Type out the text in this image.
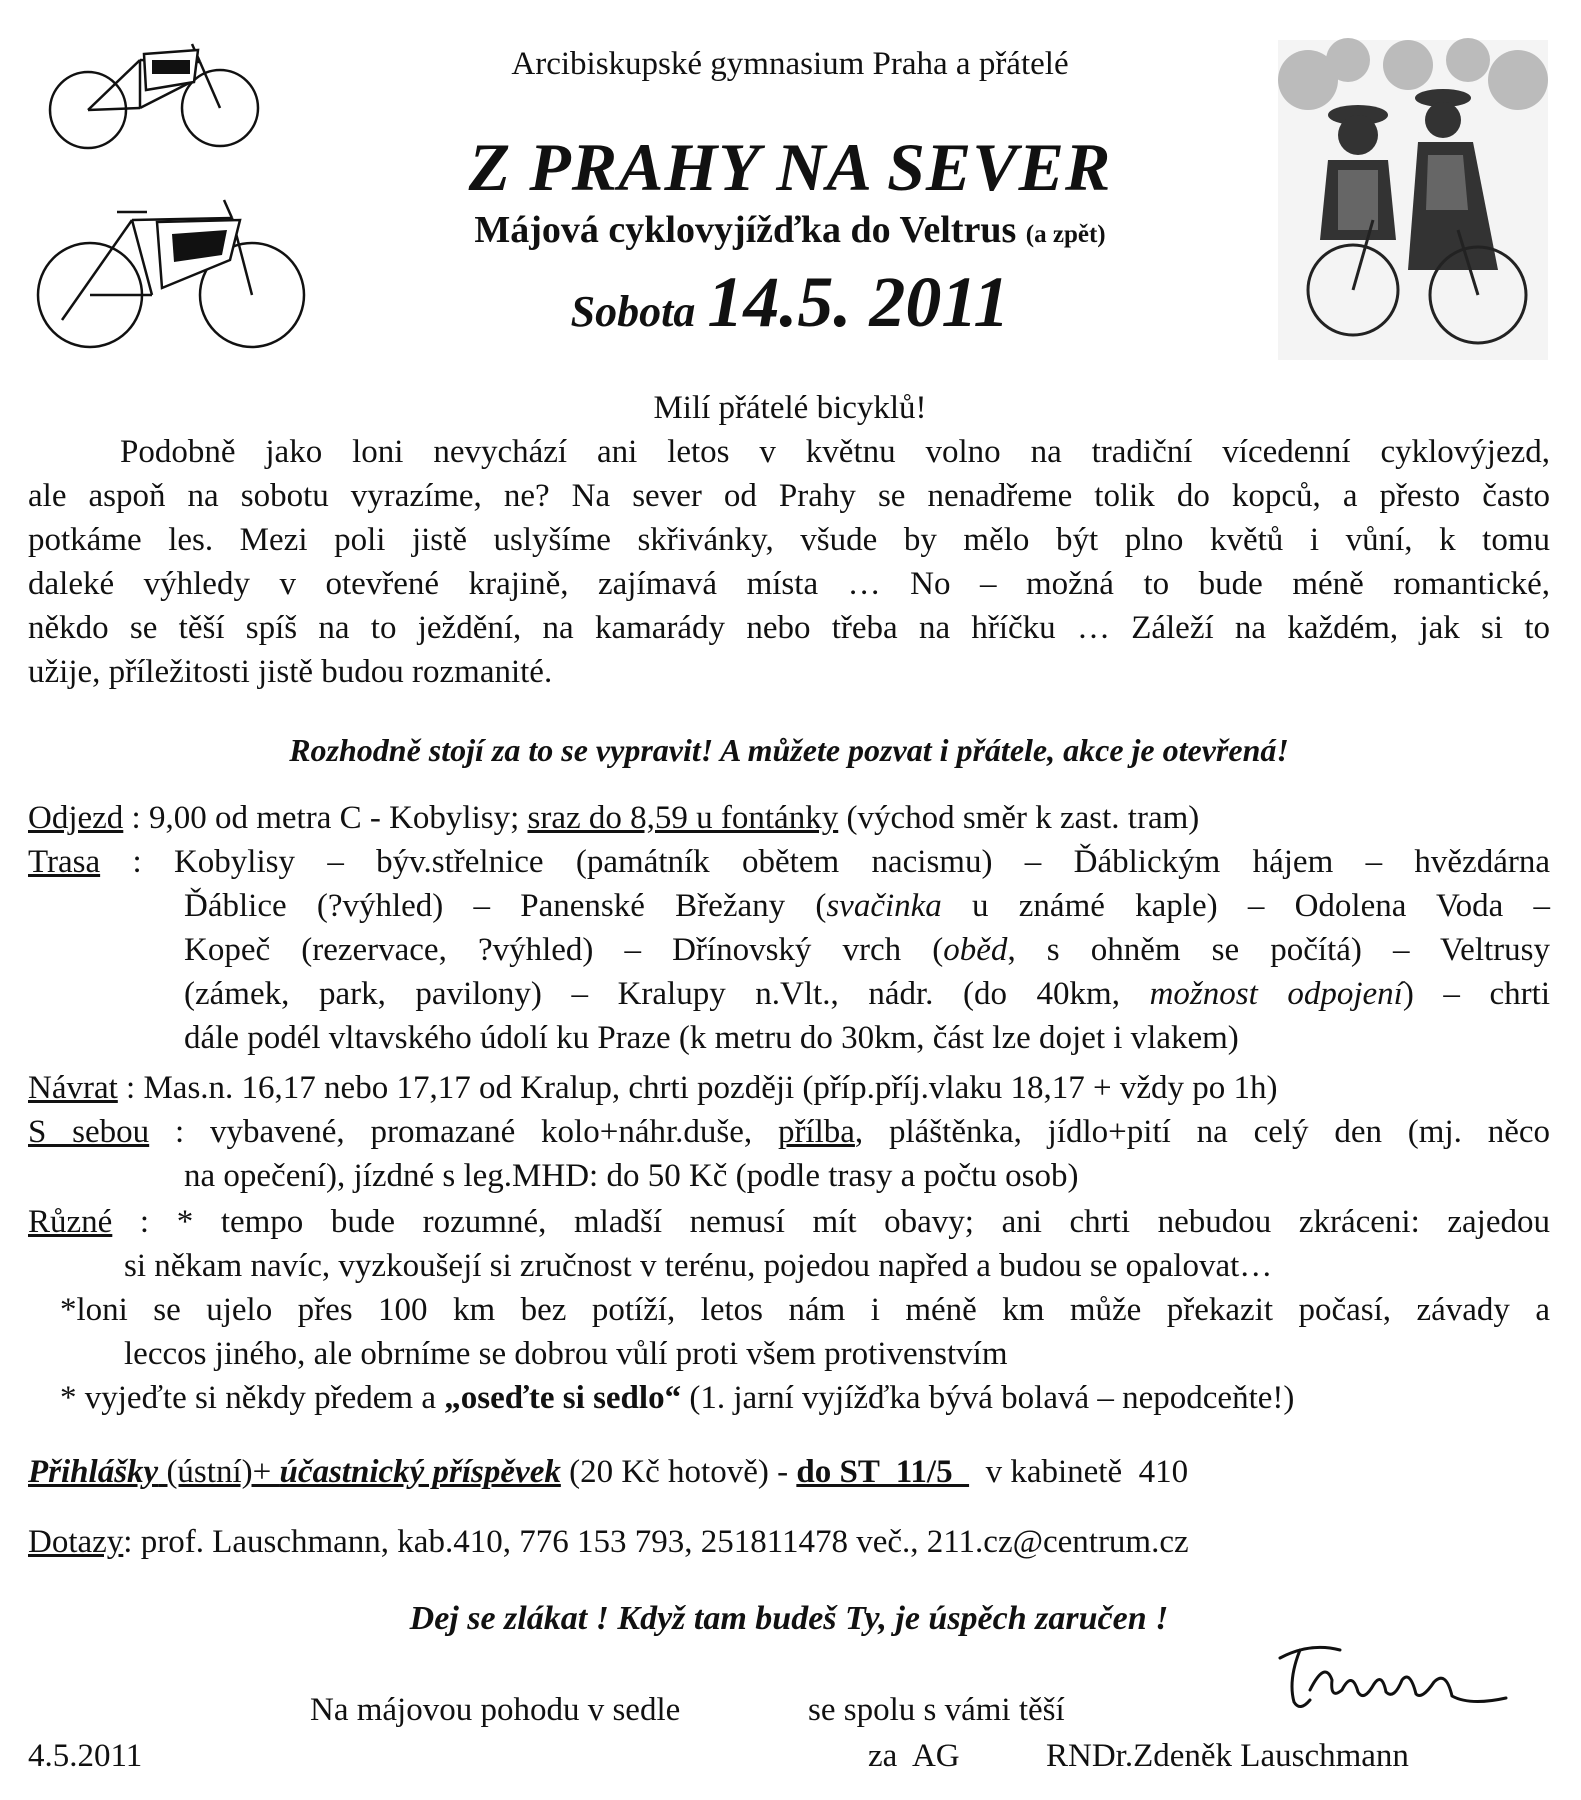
Arcibiskupské gymnasium Praha a přátelé
Z PRAHY NA SEVER
Májová cyklovyjížďka do Veltrus (a zpět)
Sobota 14.5. 2011
Milí přátelé bicyklů!
Podobně jako loni nevychází ani letos v květnu volno na tradiční vícedenní cyklovýjezd,
ale aspoň na sobotu vyrazíme, ne? Na sever od Prahy se nenadřeme tolik do kopců, a přesto často
potkáme les. Mezi poli jistě uslyšíme skřivánky, všude by mělo být plno květů i vůní, k tomu
daleké výhledy v otevřené krajině, zajímavá místa … No – možná to bude méně romantické,
někdo se těší spíš na to ježdění, na kamarády nebo třeba na hříčku … Záleží na každém, jak si to
užije, příležitosti jistě budou rozmanité.
Rozhodně stojí za to se vypravit! A můžete pozvat i přátele, akce je otevřená!
Odjezd : 9,00 od metra C - Kobylisy; sraz do 8,59 u fontánky (východ směr k zast. tram)
Trasa : Kobylisy – býv.střelnice (památník obětem nacismu) – Ďáblickým hájem – hvězdárna
Ďáblice (?výhled) – Panenské Břežany (svačinka u známé kaple) – Odolena Voda –
Kopeč (rezervace, ?výhled) – Dřínovský vrch (oběd, s ohněm se počítá) – Veltrusy
(zámek, park, pavilony) – Kralupy n.Vlt., nádr. (do 40km, možnost odpojení) – chrti
dále podél vltavského údolí ku Praze (k metru do 30km, část lze dojet i vlakem)
Návrat : Mas.n. 16,17 nebo 17,17 od Kralup, chrti později (příp.příj.vlaku 18,17 + vždy po 1h)
S sebou : vybavené, promazané kolo+náhr.duše, přílba, pláštěnka, jídlo+pití na celý den (mj. něco
na opečení), jízdné s leg.MHD: do 50 Kč (podle trasy a počtu osob)
Různé : * tempo bude rozumné, mladší nemusí mít obavy; ani chrti nebudou zkráceni: zajedou
si někam navíc, vyzkoušejí si zručnost v terénu, pojedou napřed a budou se opalovat…
*loni se ujelo přes 100 km bez potíží, letos nám i méně km může překazit počasí, závady a
leccos jiného, ale obrníme se dobrou vůlí proti všem protivenstvím
* vyjeďte si někdy předem a „oseďte si sedlo“ (1. jarní vyjížďka bývá bolavá – nepodceňte!)
Přihlášky (ústní)+ účastnický příspěvek (20 Kč hotově) - do ST  11/5    v kabinetě  410
Dotazy: prof. Lauschmann, kab.410, 776 153 793, 251811478 več., 211.cz@centrum.cz
Dej se zlákat ! Když tam budeš Ty, je úspěch zaručen !
Na májovou pohodu v sedle	se spolu s vámi těší
4.5.2011	za  AG	RNDr.Zdeněk Lauschmann
